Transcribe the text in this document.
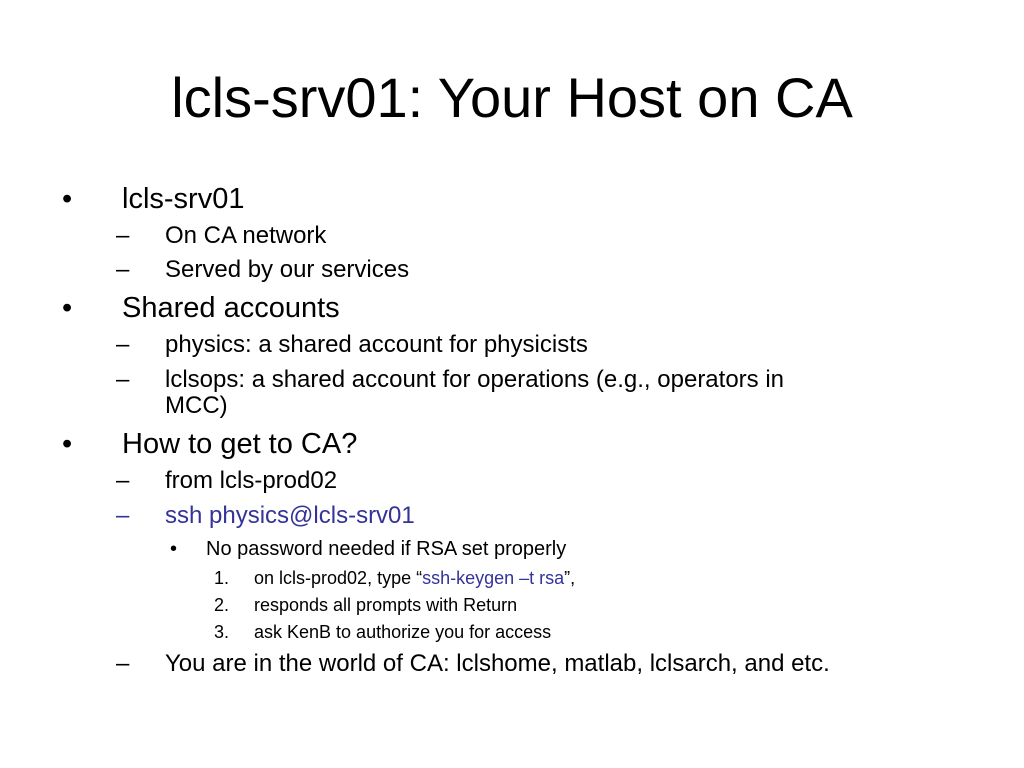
lcls-srv01: Your Host on CA
• lcls-srv01
– On CA network
– Served by our services
• Shared accounts
– physics: a shared account for physicists
– lclsops: a shared account for operations (e.g., operators in
MCC)
• How to get to CA?
– from lcls-prod02
– ssh physics@lcls-srv01
• No password needed if RSA set properly
1. on lcls-prod02, type “ssh-keygen –t rsa”,
2. responds all prompts with Return
3. ask KenB to authorize you for access
– You are in the world of CA: lclshome, matlab, lclsarch, and etc.
